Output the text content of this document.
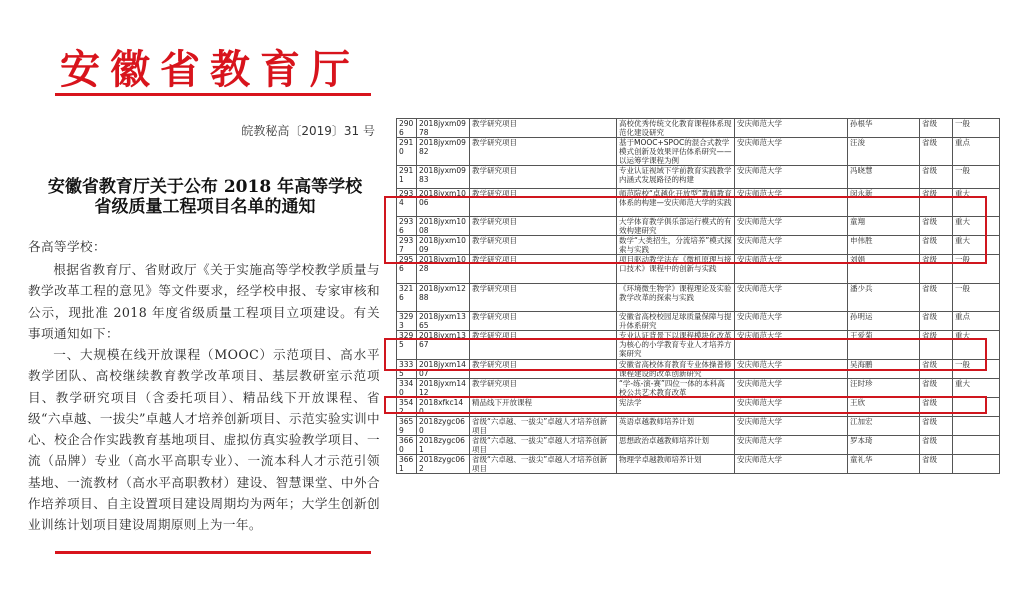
安徽省教育厅
皖教秘高〔2019〕31 号
安徽省教育厅关于公布 2018 年高等学校
省级质量工程项目名单的通知
各高等学校：
根据省教育厅、省财政厅《关于实施高等学校教学质量与教学改革工程的意见》等文件要求，经学校申报、专家审核和公示，现批准 2018 年度省级质量工程项目立项建设。有关事项通知如下：
一、大规模在线开放课程（MOOC）示范项目、高水平教学团队、高校继续教育教学改革项目、基层教研室示范项目、教学研究项目（含委托项目）、精品线下开放课程、省级“六卓越、一拔尖”卓越人才培养创新项目、示范实验实训中心、校企合作实践教育基地项目、虚拟仿真实验教学项目、一流（品牌）专业（高水平高职专业）、一流本科人才示范引领基地、一流教材（高水平高职教材）建设、智慧课堂、中外合作培养项目、自主设置项目建设周期均为两年；大学生创新创业训练计划项目建设周期原则上为一年。
2906	2018jyxm0978	教学研究项目	高校优秀传统文化教育课程体系现范化建设研究	安庆师范大学	孙根华	省级	一般
2910	2018jyxm0982	教学研究项目	基于MOOC+SPOC的混合式教学模式创新及效果评估体系研究——以运筹学课程为例	安庆师范大学	汪浚	省级	重点
2911	2018jyxm0983	教学研究项目	专业认证视域下学前教育实践教学内涵式发展路径的构建	安庆师范大学	冯晓慧	省级	一般
2934	2018jyxm1006	教学研究项目	师范院校“卓越化开放型”教师教育体系的构建—安庆师范大学的实践	安庆师范大学	闵永新	省级	重大
2936	2018jyxm1008	教学研究项目	大学体育教学俱乐部运行模式的有效构建研究	安庆师范大学	童翔	省级	重大
2937	2018jyxm1009	教学研究项目	数学“大类招生，分流培养”模式探索与实践	安庆师范大学	申伟胜	省级	重大
2956	2018jyxm1028	教学研究项目	项目驱动教学法在《微机原理与接口技术》课程中的创新与实践	安庆师范大学	刘娟	省级	一般
3216	2018jyxm1288	教学研究项目	《环境微生物学》课程理论及实验教学改革的探索与实践	安庆师范大学	潘少兵	省级	一般
3293	2018jyxm1365	教学研究项目	安徽省高校校园足球质量保障与提升体系研究	安庆师范大学	孙明运	省级	重点
3295	2018jyxm1367	教学研究项目	专业认证背景下以课程模块化改革为核心的小学教育专业人才培养方案研究	安庆师范大学	王爱菊	省级	重大
3335	2018jyxm1407	教学研究项目	安徽省高校体育教育专业体操普修课程建设的改革创新研究	安庆师范大学	吴海鹏	省级	一般
3340	2018jyxm1412	教学研究项目	“学-练-演-赛”四位一体的本科高校公共艺术教育改革	安庆师范大学	汪时珍	省级	重大
3542	2018xfkc140	精品线下开放课程	宪法学	安庆师范大学	王欣	省级	
3659	2018zygc060	省级“六卓越、一拔尖”卓越人才培养创新项目	英语卓越教师培养计划	安庆师范大学	江加宏	省级	
3660	2018zygc061	省级“六卓越、一拔尖”卓越人才培养创新项目	思想政治卓越教师培养计划	安庆师范大学	罗本琦	省级	
3661	2018zygc062	省级“六卓越、一拔尖”卓越人才培养创新项目	物理学卓越教师培养计划	安庆师范大学	童礼华	省级	
